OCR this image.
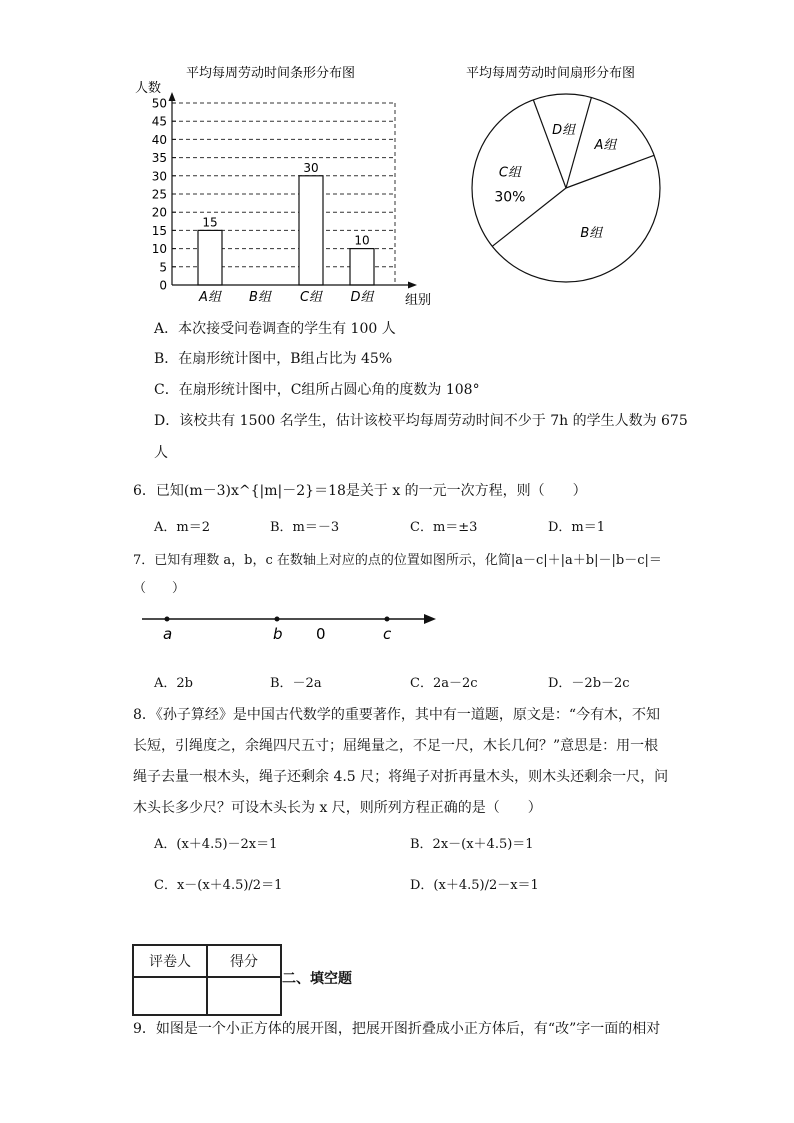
平均每周劳动时间条形分布图
人数
组别
0
5
10
15
20
25
30
35
40
45
50
15
30
10
A组 B组 C组 D组
平均每周劳动时间扇形分布图
D组
A组
B组
C组
30%
A．本次接受问卷调查的学生有 100 人
B．在扇形统计图中，B组占比为 45%
C．在扇形统计图中，C组所占圆心角的度数为 108°
D．该校共有 1500 名学生，估计该校平均每周劳动时间不少于 7h 的学生人数为 675
人
6．已知(m－3)x^{|m|－2}＝18是关于 x 的一元一次方程，则（　　）
A．m＝2	B．m＝－3	C．m＝±3	D．m＝1
7．已知有理数 a，b，c 在数轴上对应的点的位置如图所示，化简|a－c|＋|a＋b|－|b－c|＝
（　　）
a	b 0	c
A．2b	B．－2a	C．2a－2c	D．－2b－2c
8．《孙子算经》是中国古代数学的重要著作，其中有一道题，原文是：“今有木，不知
长短，引绳度之，余绳四尺五寸；屈绳量之，不足一尺，木长几何？”意思是：用一根
绳子去量一根木头，绳子还剩余 4.5 尺；将绳子对折再量木头，则木头还剩余一尺，问
木头长多少尺？可设木头长为 x 尺，则所列方程正确的是（　　）
A．(x＋4.5)－2x＝1	B．2x－(x＋4.5)＝1
C．x－(x＋4.5)/2＝1	D．(x＋4.5)/2－x＝1
评卷人	得分

二、填空题
9．如图是一个小正方体的展开图，把展开图折叠成小正方体后，有“改”字一面的相对
